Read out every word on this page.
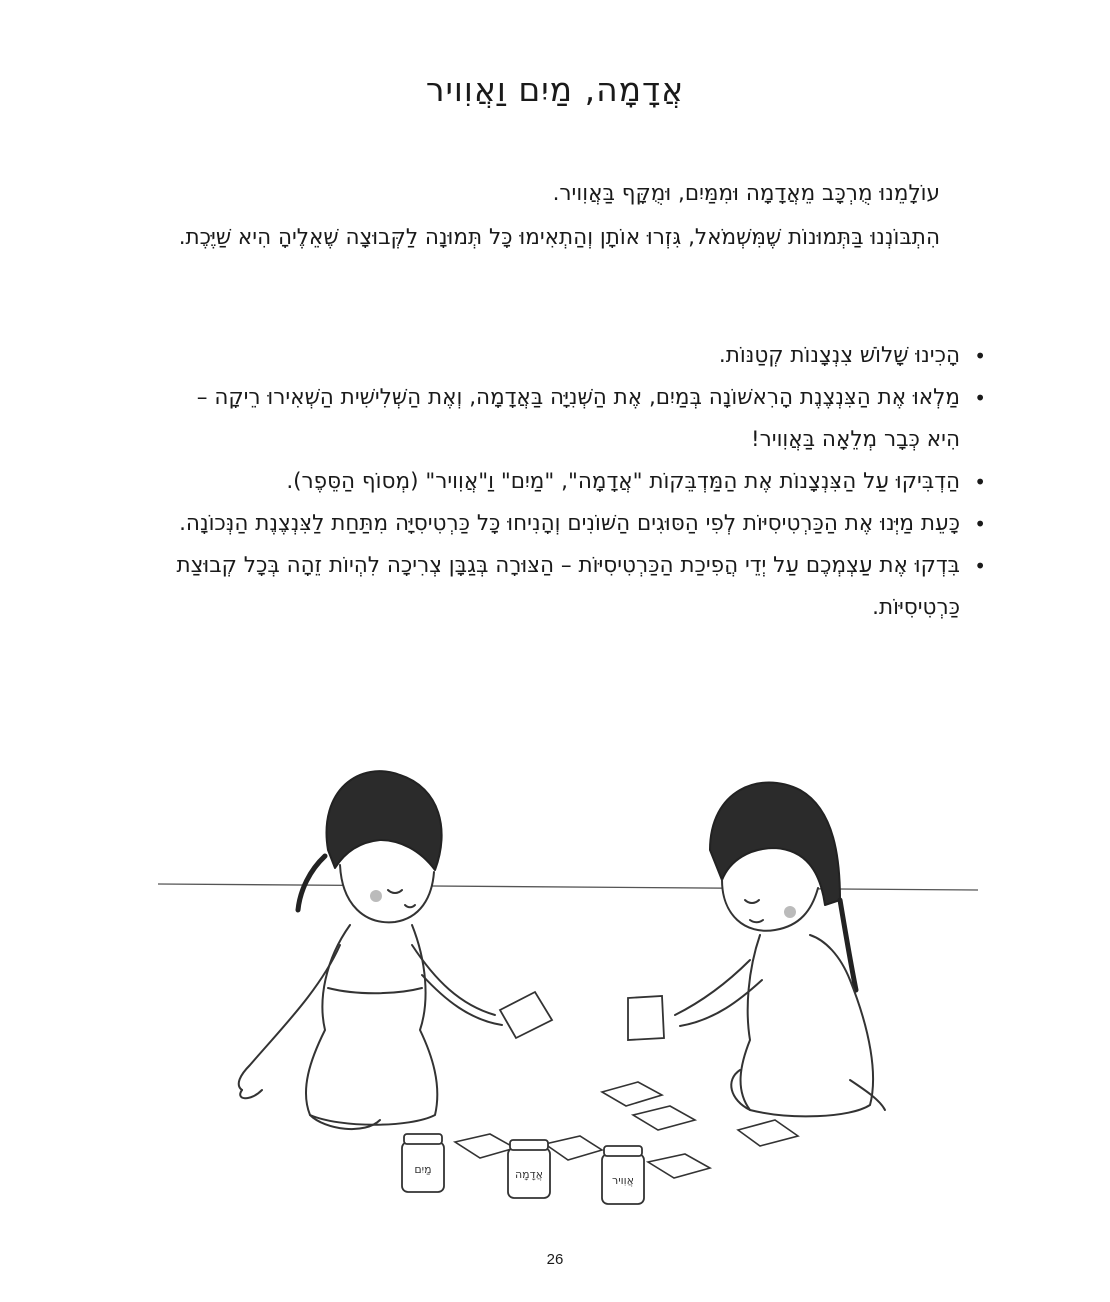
אֲדָמָה, מַיִם וַאֲוִויר

עוֹלָמֵנוּ מֻרְכָּב מֵאֲדָמָה וּמִמַּיִם, וּמֻקָּף בַּאֲוִויר.

הִתְבּוֹנְנוּ בַּתְּמוּנוֹת שֶׁמִּשְׁמֹאל, גִּזְרוּ אוֹתָן וְהַתְאִימוּ כָּל תְּמוּנָה לַקְּבוּצָה שֶׁאֵלֶיהָ הִיא שַׁיֶּכֶת.

• הָכִינוּ שָׁלוֹשׁ צִנְצָנוֹת קְטַנּוֹת.
• מַלְאוּ אֶת הַצִּנְצֶנֶת הָרִאשׁוֹנָה בְּמַיִם, אֶת הַשְּׁנִיָּה בַּאֲדָמָה, וְאֶת הַשְּׁלִישִׁית הַשְׁאִירוּ רֵיקָה – הִיא כְּבָר מְלֵאָה בַּאֲוִויר!
• הַדְבִּיקוּ עַל הַצִּנְצָנוֹת אֶת הַמַּדְבֵּקוֹת "אֲדָמָה", "מַיִם" וַ"אֲוִויר" (מְסוֹף הַסֵּפֶר).
• כָּעֵת מַיְּנוּ אֶת הַכַּרְטִיסִיּוֹת לְפִי הַסּוּגִים הַשּׁוֹנִים וְהָנִיחוּ כָּל כַּרְטִיסִיָּה מִתַּחַת לַצִּנְצֶנֶת הַנְּכוֹנָה.
• בִּדְקוּ אֶת עַצְמְכֶם עַל יְדֵי הֲפִיכַת הַכַּרְטִיסִיּוֹת – הַצּוּרָה בְּגַבָּן צְרִיכָה לִהְיוֹת זֵהָה בְּכָל קְבוּצַת כַּרְטִיסִיּוֹת.
מַיִם	אֲדָמָה	אֲוִויר
26
